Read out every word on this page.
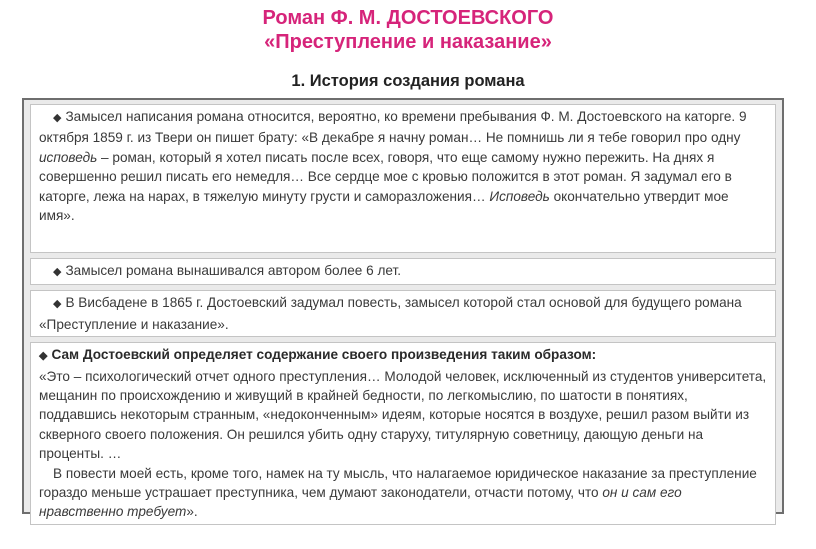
Роман Ф. М. ДОСТОЕВСКОГО
«Преступление и наказание»
1. История создания романа

◆ Замысел написания романа относится, вероятно, ко времени пребывания Ф. М. Достоевского на каторге. 9 октября 1859 г. из Твери он пишет брату: «В декабре я начну роман… Не помнишь ли я тебе говорил про одну исповедь – роман, который я хотел писать после всех, говоря, что еще самому нужно пережить. На днях я совершенно решил писать его немедля… Все сердце мое с кровью положится в этот роман. Я задумал его в каторге, лежа на нарах, в тяжелую минуту грусти и саморазложения… Исповедь окончательно утвердит мое имя».

◆ Замысел романа вынашивался автором более 6 лет.

◆ В Висбадене в 1865 г. Достоевский задумал повесть, замысел которой стал основой для будущего романа «Преступление и наказание».

◆ Сам Достоевский определяет содержание своего произведения таким образом:

«Это – психологический отчет одного преступления… Молодой человек, исключенный из студентов университета, мещанин по происхождению и живущий в крайней бедности, по легкомыслию, по шатости в понятиях, поддавшись некоторым странным, «недоконченным» идеям, которые носятся в воздухе, решил разом выйти из скверного своего положения. Он решился убить одну старуху, титулярную советницу, дающую деньги на проценты. …

В повести моей есть, кроме того, намек на ту мысль, что налагаемое юридическое наказание за преступление гораздо меньше устрашает преступника, чем думают законодатели, отчасти потому, что он и сам его нравственно требует».
